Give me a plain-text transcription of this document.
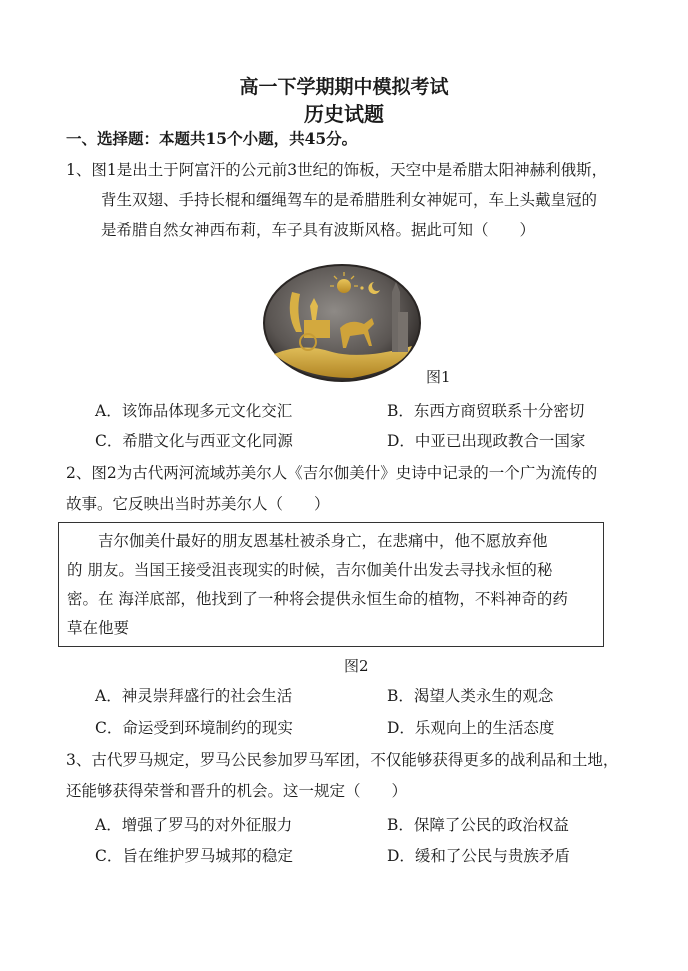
高一下学期期中模拟考试
历史试题
一、选择题：本题共15个小题，共45分。
1、图1是出土于阿富汗的公元前3世纪的饰板，天空中是希腊太阳神赫利俄斯，
背生双翅、手持长棍和缰绳驾车的是希腊胜利女神妮可，车上头戴皇冠的
是希腊自然女神西布莉，车子具有波斯风格。据此可知（　　）
图1
A．该饰品体现多元文化交汇	B．东西方商贸联系十分密切
C．希腊文化与西亚文化同源	D．中亚已出现政教合一国家
2、图2为古代两河流域苏美尔人《吉尔伽美什》史诗中记录的一个广为流传的
故事。它反映出当时苏美尔人（　　）
　　吉尔伽美什最好的朋友恩基杜被杀身亡，在悲痛中，他不愿放弃他
的 朋友。当国王接受沮丧现实的时候，吉尔伽美什出发去寻找永恒的秘
密。在 海洋底部，他找到了一种将会提供永恒生命的植物，不料神奇的药
草在他要
图2
A．神灵崇拜盛行的社会生活	B．渴望人类永生的观念
C．命运受到环境制约的现实	D．乐观向上的生活态度
3、古代罗马规定，罗马公民参加罗马军团，不仅能够获得更多的战利品和土地，
还能够获得荣誉和晋升的机会。这一规定（　　）
A．增强了罗马的对外征服力	B．保障了公民的政治权益
C．旨在维护罗马城邦的稳定	D．缓和了公民与贵族矛盾
